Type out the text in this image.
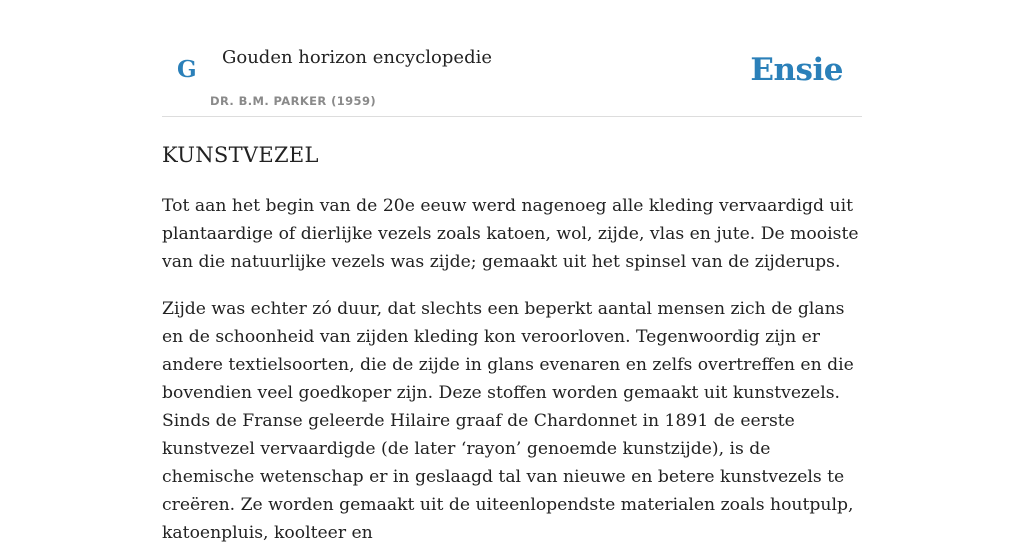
G Gouden horizon encyclopedie
DR. B.M. PARKER (1959)
Ensie
KUNSTVEZEL

Tot aan het begin van de 20e eeuw werd nagenoeg alle kleding vervaardigd uit plantaardige of dierlijke vezels zoals katoen, wol, zijde, vlas en jute. De mooiste van die natuurlijke vezels was zijde; gemaakt uit het spinsel van de zijderups.

Zijde was echter zó duur, dat slechts een beperkt aantal mensen zich de glans en de schoonheid van zijden kleding kon veroorloven. Tegenwoordig zijn er andere textielsoorten, die de zijde in glans evenaren en zelfs overtreffen en die bovendien veel goedkoper zijn. Deze stoffen worden gemaakt uit kunstvezels. Sinds de Franse geleerde Hilaire graaf de Chardonnet in 1891 de eerste kunstvezel vervaardigde (de later ‘rayon’ genoemde kunstzijde), is de chemische wetenschap er in geslaagd tal van nieuwe en betere kunstvezels te creëren. Ze worden gemaakt uit de uiteenlopendste materialen zoals houtpulp, katoenpluis, koolteer en
